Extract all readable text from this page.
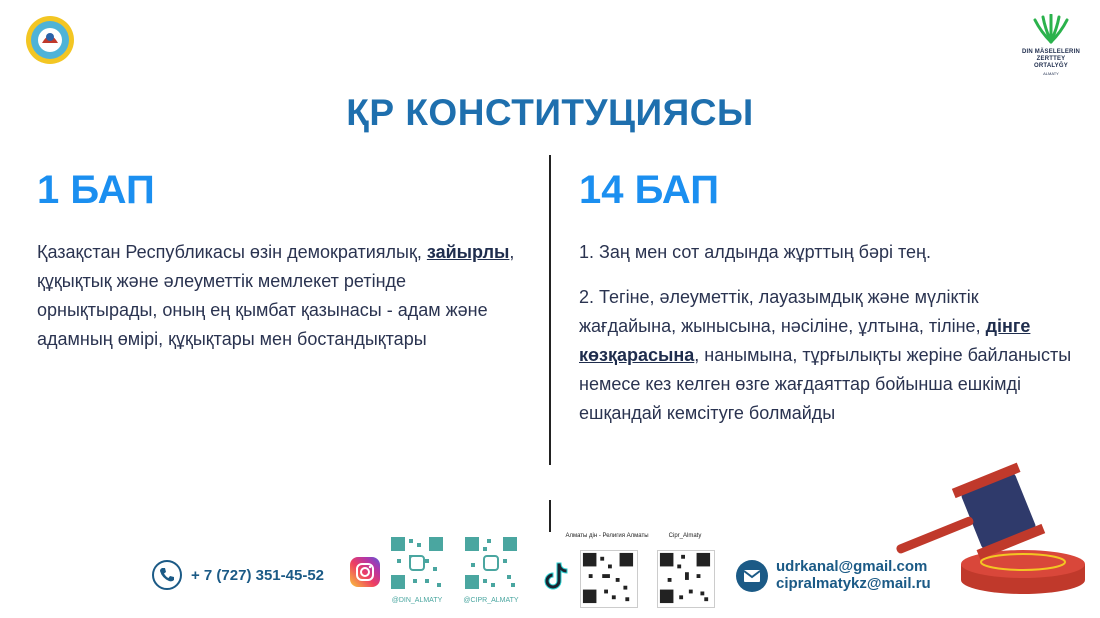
DIN MÄSELELERIN
ZERTTEY ORTALYĞY
ALMATY
ҚР КОНСТИТУЦИЯСЫ
1 БАП
Қазақстан Республикасы өзін демократиялық, зайырлы, құқықтық және әлеуметтік мемлекет ретінде орнықтырады, оның ең қымбат қазынасы - адам және адамның өмірі, құқықтары мен бостандықтары
14 БАП

1. Заң мен сот алдында жұрттың бәрі тең.

2. Тегіне, әлеуметтік, лауазымдық және мүліктік жағдайына, жынысына, нәсіліне, ұлтына, тіліне, дінге көзқарасына, нанымына, тұрғылықты жеріне байланысты немесе кез келген өзге жағдаяттар бойынша ешкімді ешқандай кемсітуге болмайды

+ 7 (727) 351-45-52
@DIN_ALMATY	@CIPR_ALMATY
Алматы дін - Религия Алматы	Cipr_Almaty
udrkanal@gmail.com
cipralmatykz@mail.ru
